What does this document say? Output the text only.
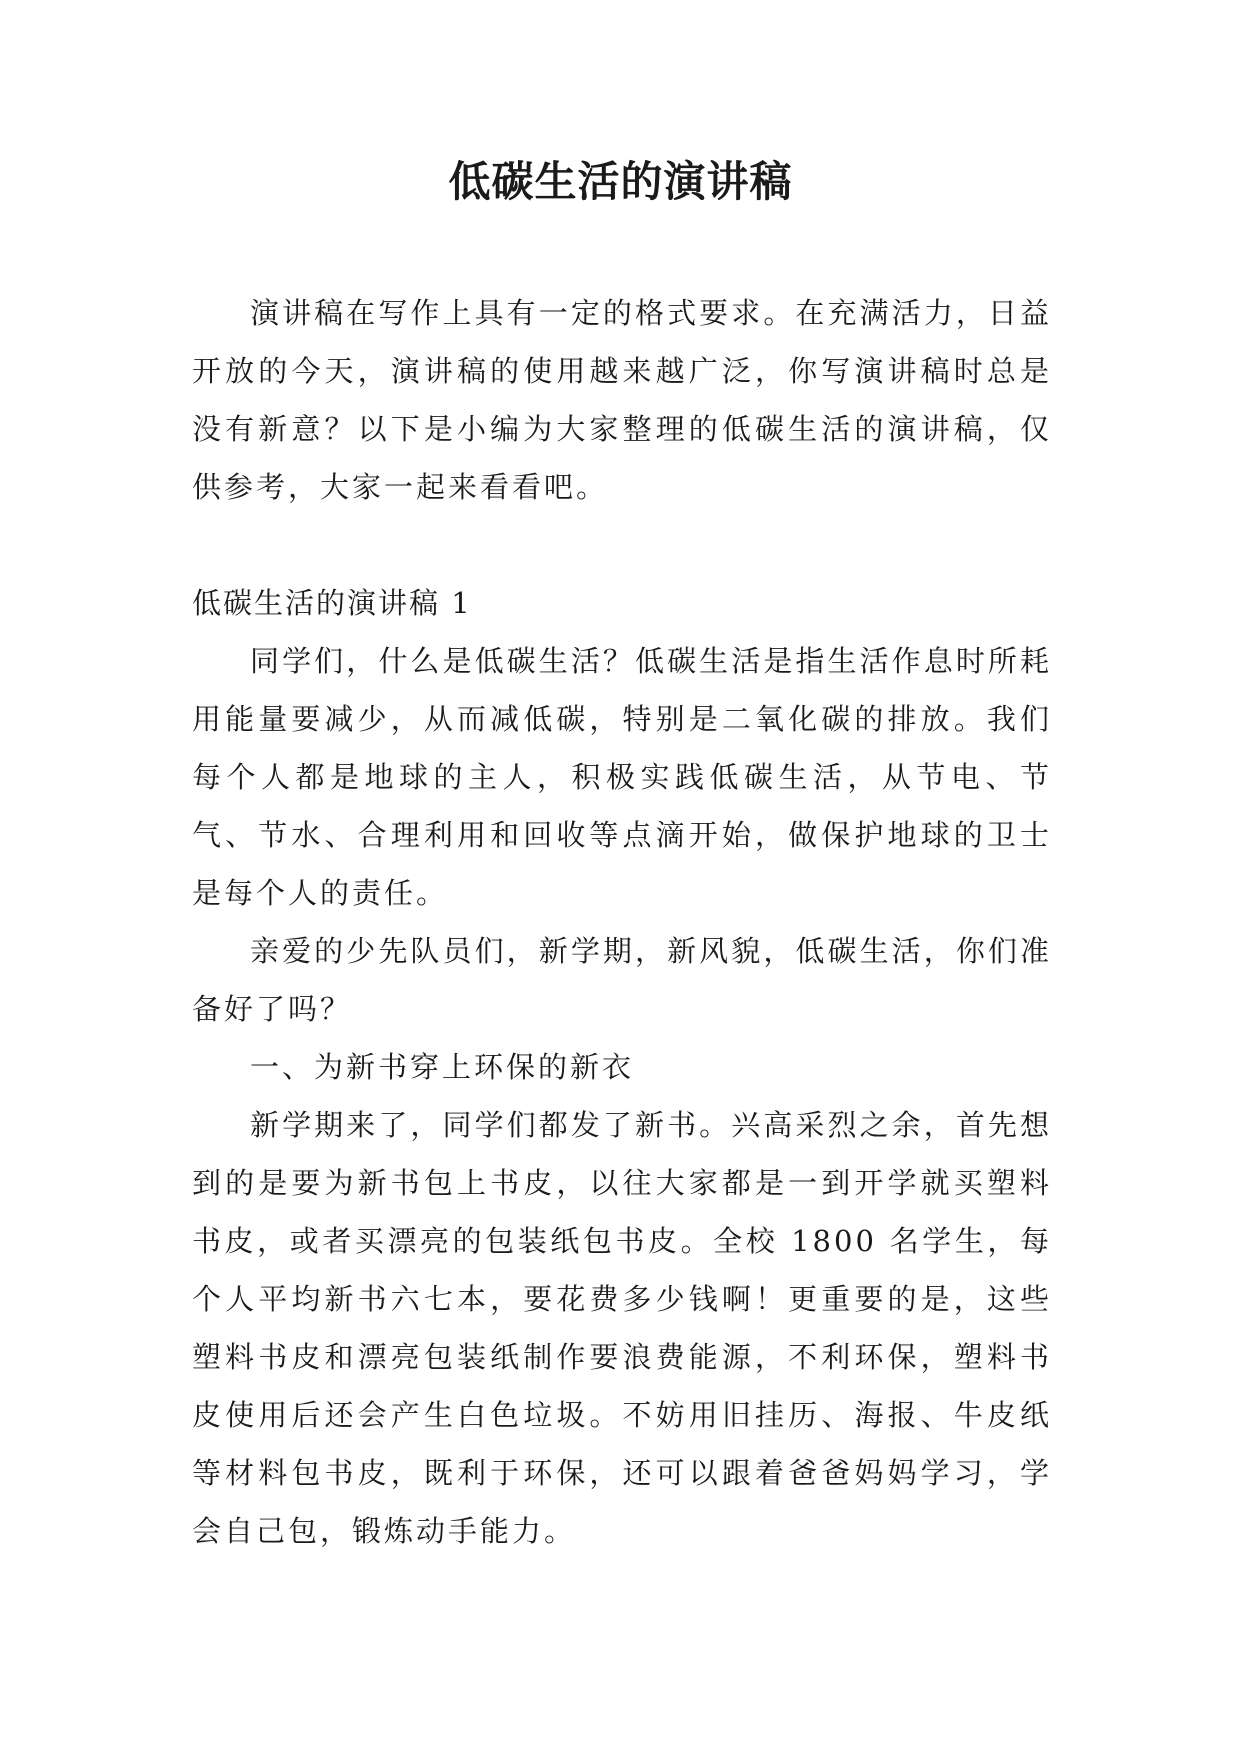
低碳生活的演讲稿

演讲稿在写作上具有一定的格式要求。在充满活力，日益开放的今天，演讲稿的使用越来越广泛，你写演讲稿时总是没有新意？以下是小编为大家整理的低碳生活的演讲稿，仅供参考，大家一起来看看吧。

低碳生活的演讲稿 1

同学们，什么是低碳生活？低碳生活是指生活作息时所耗用能量要减少，从而减低碳，特别是二氧化碳的排放。我们每个人都是地球的主人，积极实践低碳生活，从节电、节气、节水、合理利用和回收等点滴开始，做保护地球的卫士是每个人的责任。

亲爱的少先队员们，新学期，新风貌，低碳生活，你们准备好了吗？

一、为新书穿上环保的新衣

新学期来了，同学们都发了新书。兴高采烈之余，首先想到的是要为新书包上书皮，以往大家都是一到开学就买塑料书皮，或者买漂亮的包装纸包书皮。全校 1800 名学生，每个人平均新书六七本，要花费多少钱啊！更重要的是，这些塑料书皮和漂亮包装纸制作要浪费能源，不利环保，塑料书皮使用后还会产生白色垃圾。不妨用旧挂历、海报、牛皮纸等材料包书皮，既利于环保，还可以跟着爸爸妈妈学习，学会自己包，锻炼动手能力。
